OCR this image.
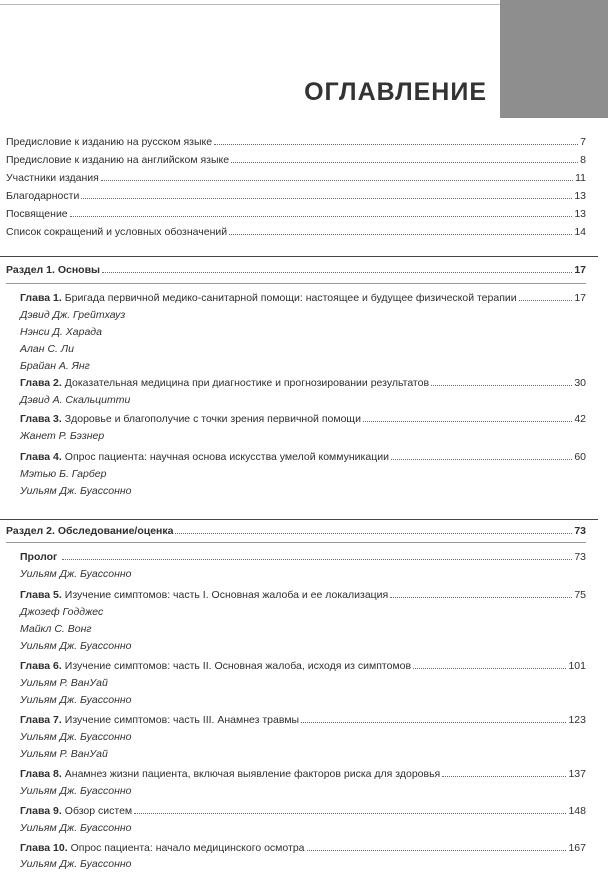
ОГЛАВЛЕНИЕ
Предисловие к изданию на русском языке	7
Предисловие к изданию на английском языке	8
Участники издания	11
Благодарности	13
Посвящение	13
Список сокращений и условных обозначений	14
Раздел 1. Основы	17
Глава 1. Бригада первичной медико-санитарной помощи: настоящее и будущее физической терапии	17
Дэвид Дж. Грейтхауз
Нэнси Д. Харада
Алан С. Ли
Брайан А. Янг
Глава 2. Доказательная медицина при диагностике и прогнозировании результатов	30
Дэвид А. Скальцитти
Глава 3. Здоровье и благополучие с точки зрения первичной помощи	42
Жанет Р. Бэзнер
Глава 4. Опрос пациента: научная основа искусства умелой коммуникации	60
Мэтью Б. Гарбер
Уильям Дж. Буассонно
Раздел 2. Обследование/оценка	73
Пролог	73
Уильям Дж. Буассонно
Глава 5. Изучение симптомов: часть I. Основная жалоба и ее локализация	75
Джозеф Годджес
Майкл С. Вонг
Уильям Дж. Буассонно
Глава 6. Изучение симптомов: часть II. Основная жалоба, исходя из симптомов	101
Уильям Р. ВанУай
Уильям Дж. Буассонно
Глава 7. Изучение симптомов: часть III. Анамнез травмы	123
Уильям Дж. Буассонно
Уильям Р. ВанУай
Глава 8. Анамнез жизни пациента, включая выявление факторов риска для здоровья	137
Уильям Дж. Буассонно
Глава 9. Обзор систем	148
Уильям Дж. Буассонно
Глава 10. Опрос пациента: начало медицинского осмотра	167
Уильям Дж. Буассонно
